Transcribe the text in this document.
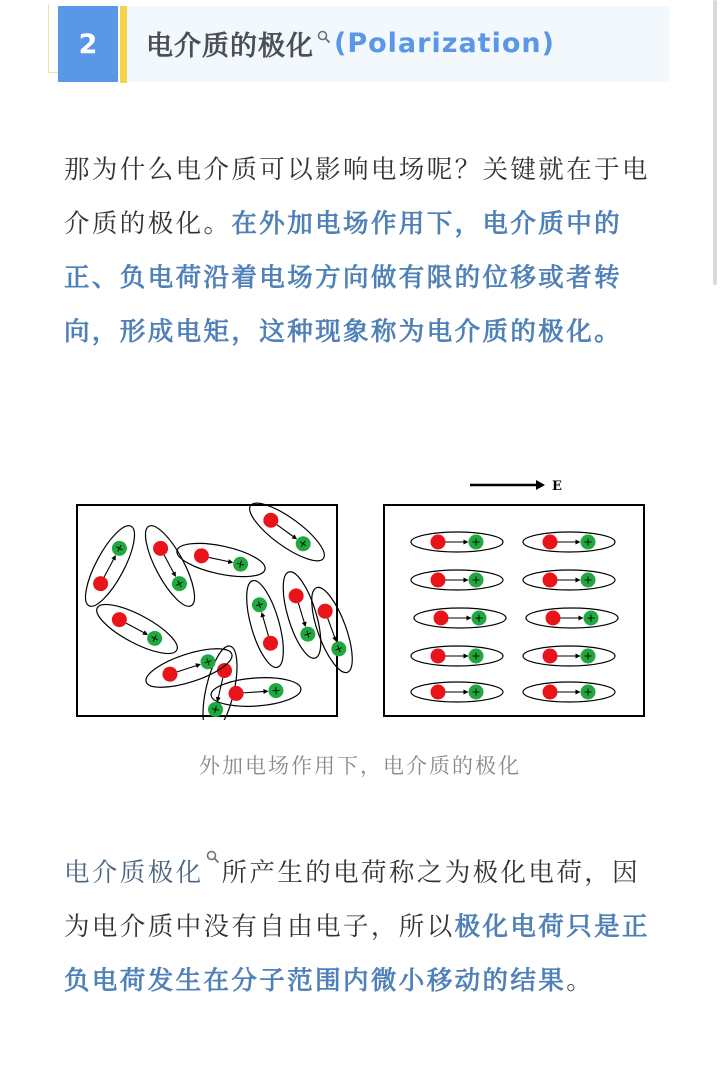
2	电介质的极化 (Polarization)
那为什么电介质可以影响电场呢？关键就在于电介质的极化。在外加电场作用下，电介质中的正、负电荷沿着电场方向做有限的位移或者转向，形成电矩，这种现象称为电介质的极化。
E
外加电场作用下，电介质的极化
电介质极化 所产生的电荷称之为极化电荷，因为电介质中没有自由电子，所以极化电荷只是正负电荷发生在分子范围内微小移动的结果。
